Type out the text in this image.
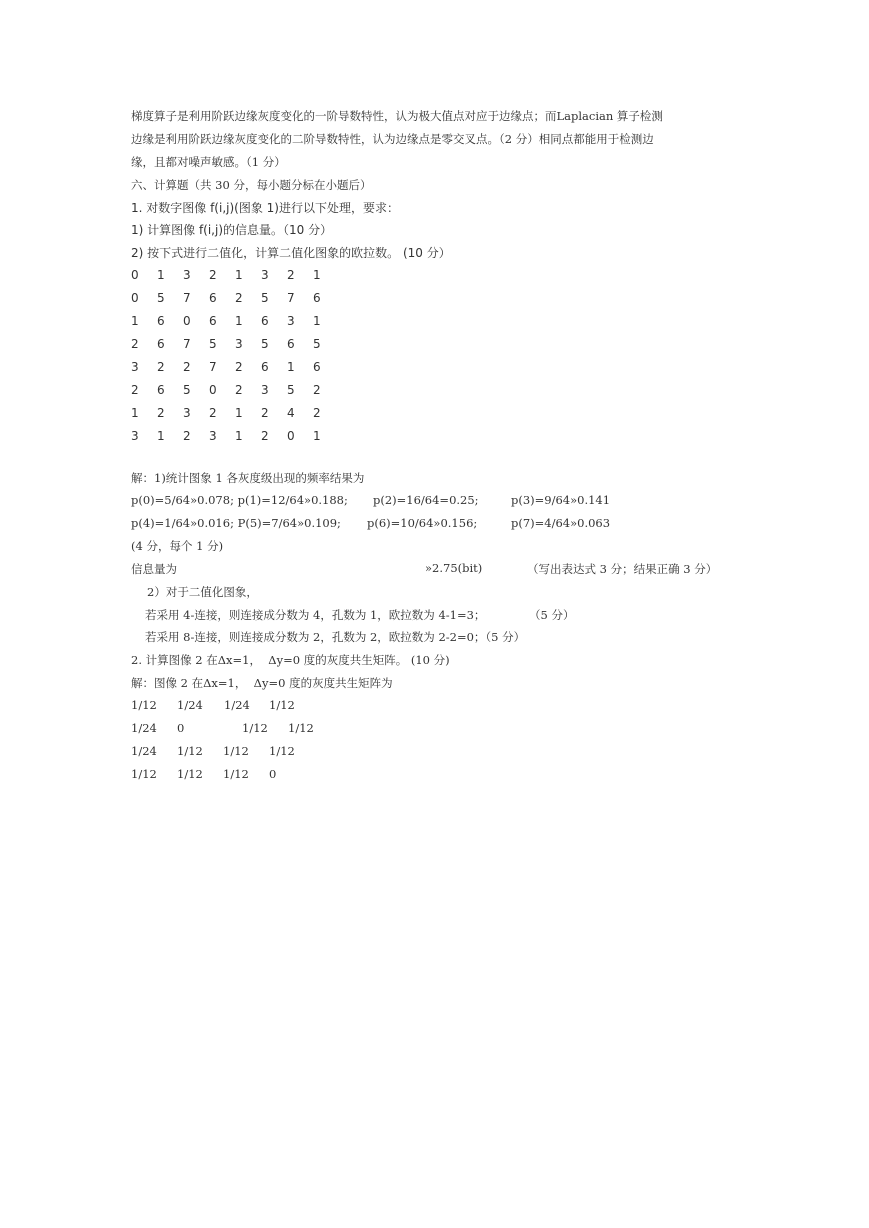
梯度算子是利用阶跃边缘灰度变化的一阶导数特性，认为极大值点对应于边缘点；而Laplacian 算子检测
边缘是利用阶跃边缘灰度变化的二阶导数特性，认为边缘点是零交叉点。（2 分）相同点都能用于检测边
缘，且都对噪声敏感。（1 分）
六、计算题（共 30 分，每小题分标在小题后）
1. 对数字图像 f(i,j)(图象 1)进行以下处理，要求：
1) 计算图像 f(i,j)的信息量。（10 分）
2) 按下式进行二值化，计算二值化图象的欧拉数。 (10 分）
0	1	3	2	1	3	2	1
0	5	7	6	2	5	7	6
1	6	0	6	1	6	3	1
2	6	7	5	3	5	6	5
3	2	2	7	2	6	1	6
2	6	5	0	2	3	5	2
1	2	3	2	1	2	4	2
3	1	2	3	1	2	0	1
解：1)统计图象 1 各灰度级出现的频率结果为
p(0)=5/64»0.078; p(1)=12/64»0.188; p(2)=16/64=0.25;	p(3)=9/64»0.141
p(4)=1/64»0.016; P(5)=7/64»0.109; p(6)=10/64»0.156;	p(7)=4/64»0.063
(4 分，每个 1 分)
信息量为	»2.75(bit)	（写出表达式 3 分；结果正确 3 分）
2）对于二值化图象，
若采用 4-连接，则连接成分数为 4，孔数为 1，欧拉数为 4-1=3；	（5 分）
若采用 8-连接，则连接成分数为 2，孔数为 2，欧拉数为 2-2=0；（5 分）
2. 计算图像 2 在Δx=1，  Δy=0 度的灰度共生矩阵。 (10 分)
解：图像 2 在Δx=1，  Δy=0 度的灰度共生矩阵为
1/12 1/24 1/24 1/12
1/24 0	1/12 1/12
1/24 1/12 1/12 1/12
1/12 1/12 1/12 0
